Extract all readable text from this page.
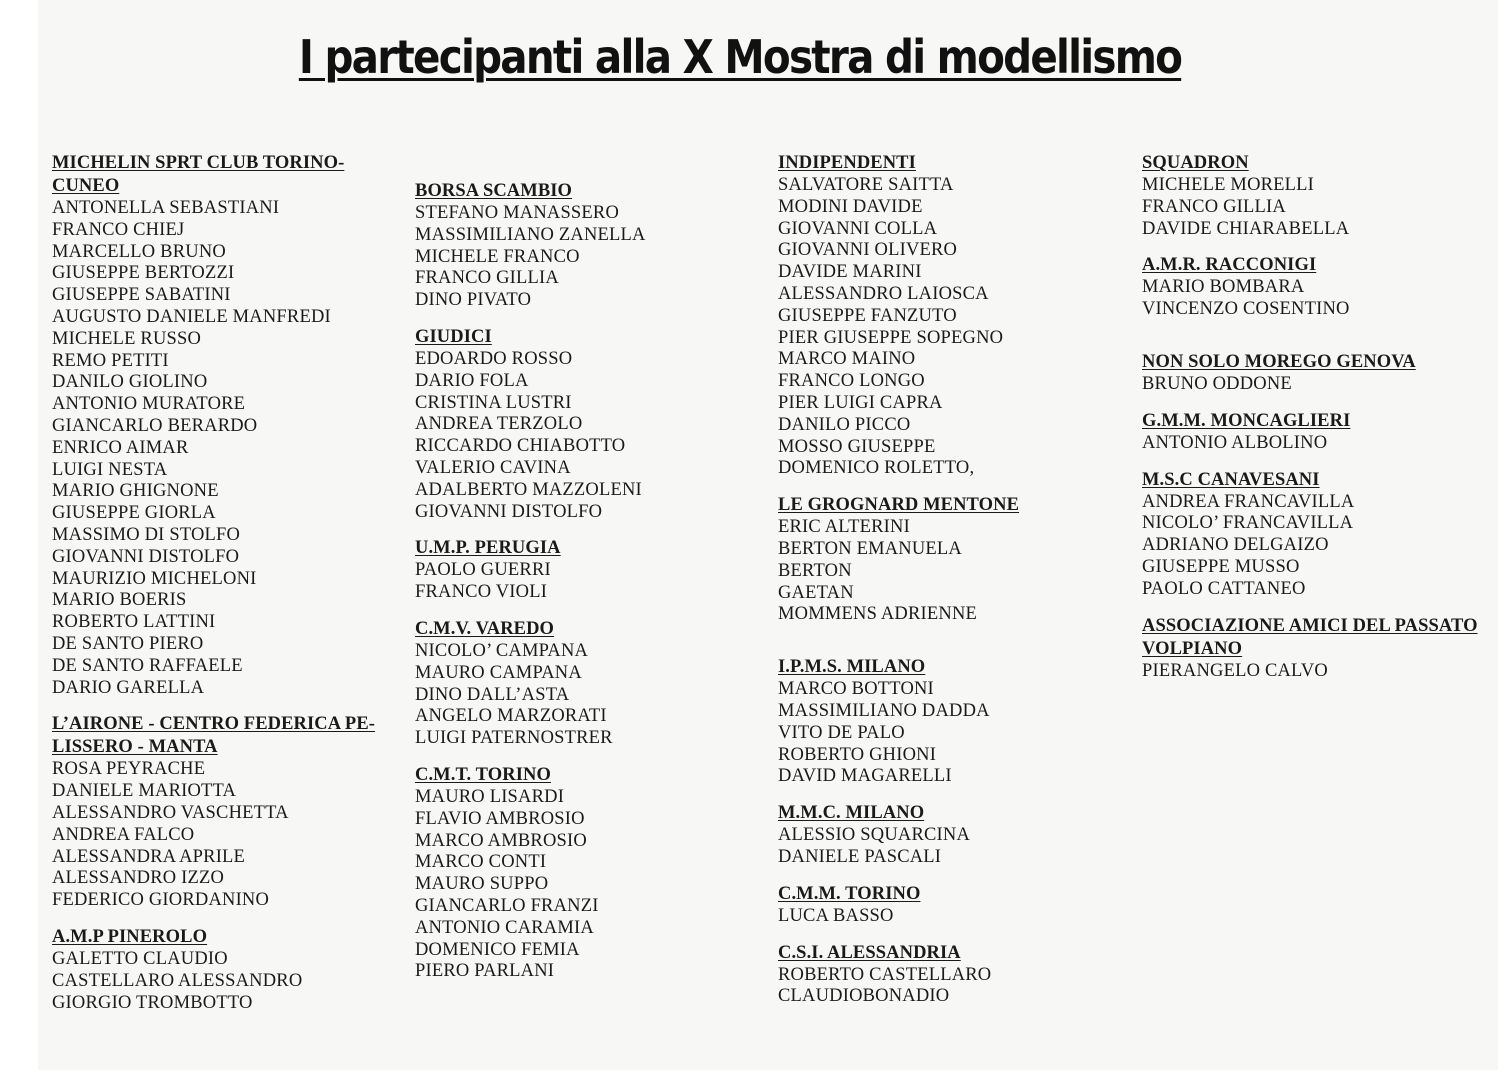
I partecipanti alla X Mostra di modellismo
MICHELIN SPRT CLUB TORINO-
CUNEO
ANTONELLA SEBASTIANI
FRANCO CHIEJ
MARCELLO BRUNO
GIUSEPPE BERTOZZI
GIUSEPPE SABATINI
AUGUSTO DANIELE MANFREDI
MICHELE RUSSO
REMO PETITI
DANILO GIOLINO
ANTONIO MURATORE
GIANCARLO BERARDO
ENRICO AIMAR
LUIGI NESTA
MARIO GHIGNONE
GIUSEPPE GIORLA
MASSIMO DI STOLFO
GIOVANNI DISTOLFO
MAURIZIO MICHELONI
MARIO BOERIS
ROBERTO LATTINI
DE SANTO PIERO
DE SANTO RAFFAELE
DARIO GARELLA
L’AIRONE - CENTRO FEDERICA PE-
LISSERO - MANTA
ROSA PEYRACHE
DANIELE MARIOTTA
ALESSANDRO VASCHETTA
ANDREA FALCO
ALESSANDRA APRILE
ALESSANDRO IZZO
FEDERICO GIORDANINO
A.M.P PINEROLO
GALETTO CLAUDIO
CASTELLARO ALESSANDRO
GIORGIO TROMBOTTO
BORSA SCAMBIO
STEFANO MANASSERO
MASSIMILIANO ZANELLA
MICHELE FRANCO
FRANCO GILLIA
DINO PIVATO
GIUDICI
EDOARDO ROSSO
DARIO FOLA
CRISTINA LUSTRI
ANDREA TERZOLO
RICCARDO CHIABOTTO
VALERIO CAVINA
ADALBERTO MAZZOLENI
GIOVANNI DISTOLFO
U.M.P. PERUGIA
PAOLO GUERRI
FRANCO VIOLI
C.M.V. VAREDO
NICOLO’ CAMPANA
MAURO CAMPANA
DINO DALL’ASTA
ANGELO MARZORATI
LUIGI PATERNOSTRER
C.M.T. TORINO
MAURO LISARDI
FLAVIO AMBROSIO
MARCO AMBROSIO
MARCO CONTI
MAURO SUPPO
GIANCARLO FRANZI
ANTONIO CARAMIA
DOMENICO FEMIA
PIERO PARLANI
INDIPENDENTI
SALVATORE SAITTA
MODINI DAVIDE
GIOVANNI COLLA
GIOVANNI OLIVERO
DAVIDE MARINI
ALESSANDRO LAIOSCA
GIUSEPPE FANZUTO
PIER GIUSEPPE SOPEGNO
MARCO MAINO
FRANCO LONGO
PIER LUIGI CAPRA
DANILO PICCO
MOSSO GIUSEPPE
DOMENICO ROLETTO,
LE GROGNARD MENTONE
ERIC ALTERINI
BERTON EMANUELA
BERTON
GAETAN
MOMMENS ADRIENNE
I.P.M.S. MILANO
MARCO BOTTONI
MASSIMILIANO DADDA
VITO DE PALO
ROBERTO GHIONI
DAVID MAGARELLI
M.M.C. MILANO
ALESSIO SQUARCINA
DANIELE PASCALI
C.M.M. TORINO
LUCA BASSO
C.S.I. ALESSANDRIA
ROBERTO CASTELLARO
CLAUDIOBONADIO
SQUADRON
MICHELE MORELLI
FRANCO GILLIA
DAVIDE CHIARABELLA
A.M.R. RACCONIGI
MARIO BOMBARA
VINCENZO COSENTINO
NON SOLO MOREGO GENOVA
BRUNO ODDONE
G.M.M. MONCAGLIERI
ANTONIO ALBOLINO
M.S.C CANAVESANI
ANDREA FRANCAVILLA
NICOLO’ FRANCAVILLA
ADRIANO DELGAIZO
GIUSEPPE MUSSO
PAOLO CATTANEO
ASSOCIAZIONE AMICI DEL PASSATO
VOLPIANO
PIERANGELO CALVO
